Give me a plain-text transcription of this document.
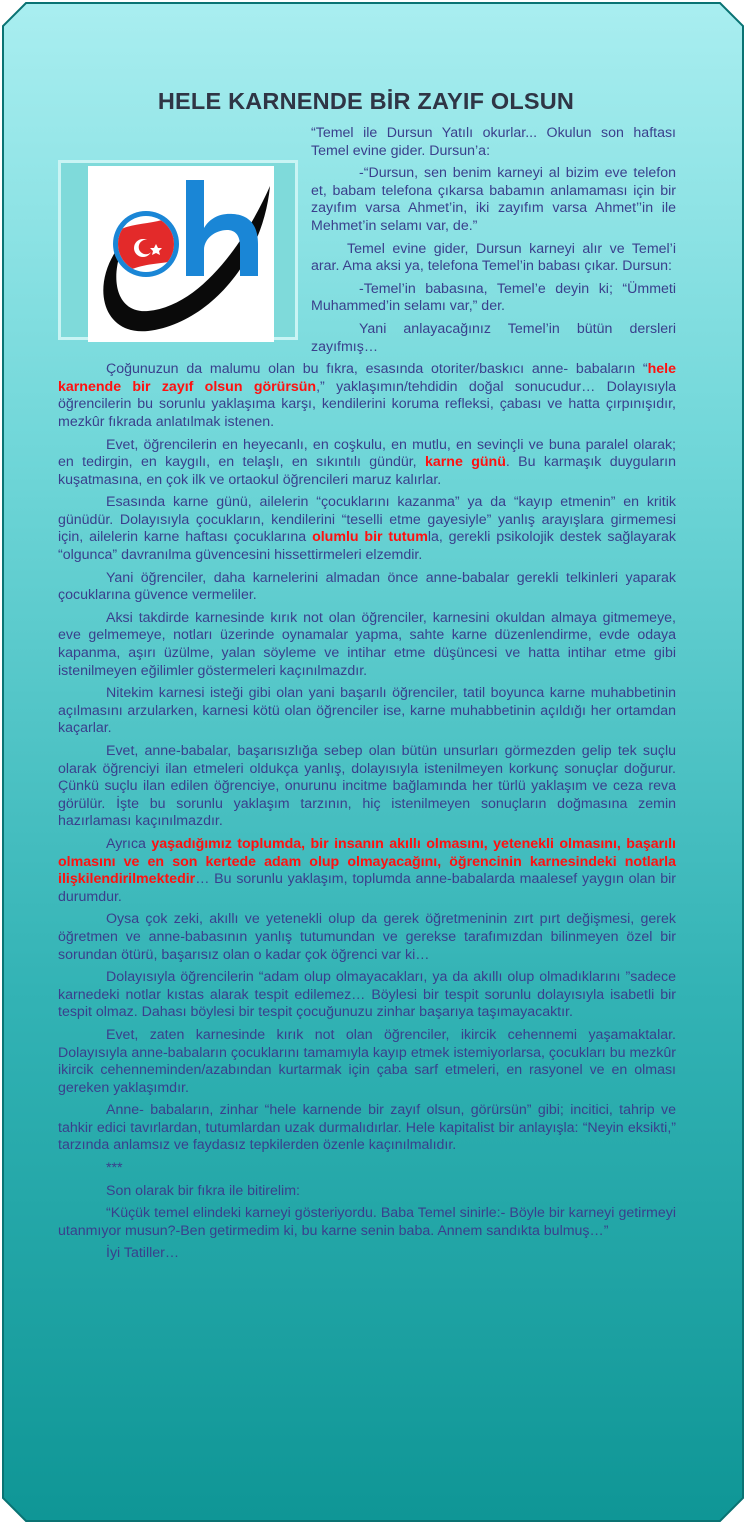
HELE KARNENDE BİR ZAYIF OLSUN

“Temel ile Dursun Yatılı okurlar... Okulun son haftası Temel evine gider. Dursun’a:

-“Dursun, sen benim karneyi al bizim eve telefon et, babam telefona çıkarsa babamın anlamaması için bir zayıfım varsa Ahmet’in, iki zayıfım varsa Ahmet’’in ile Mehmet’in selamı var, de.”

Temel evine gider, Dursun karneyi alır ve Temel’i arar. Ama aksi ya, telefona Temel’in babası çıkar. Dursun:

-Temel’in babasına, Temel’e deyin ki; “Ümmeti Muhammed’in selamı var,” der.

Yani anlayacağınız Temel’in bütün dersleri zayıfmış…

Çoğunuzun da malumu olan bu fıkra, esasında otoriter/baskıcı anne- babaların “hele karnende bir zayıf olsun görürsün,” yaklaşımın/tehdidin doğal sonucudur… Dolayısıyla öğrencilerin bu sorunlu yaklaşıma karşı, kendilerini koruma refleksi, çabası ve hatta çırpınışıdır, mezkûr fıkrada anlatılmak istenen.

Evet, öğrencilerin en heyecanlı, en coşkulu, en mutlu, en sevinçli ve buna paralel olarak; en tedirgin, en kaygılı, en telaşlı, en sıkıntılı gündür, karne günü. Bu karmaşık duyguların kuşatmasına, en çok ilk ve ortaokul öğrencileri maruz kalırlar.

Esasında karne günü, ailelerin “çocuklarını kazanma” ya da “kayıp etmenin” en kritik günüdür. Dolayısıyla çocukların, kendilerini “teselli etme gayesiyle” yanlış arayışlara girmemesi için, ailelerin karne haftası çocuklarına olumlu bir tutumla, gerekli psikolojik destek sağlayarak “olgunca” davranılma güvencesini hissettirmeleri elzemdir.

Yani öğrenciler, daha karnelerini almadan önce anne-babalar gerekli telkinleri yaparak çocuklarına güvence vermeliler.

Aksi takdirde karnesinde kırık not olan öğrenciler, karnesini okuldan almaya gitmemeye, eve gelmemeye, notları üzerinde oynamalar yapma, sahte karne düzenlendirme, evde odaya kapanma, aşırı üzülme, yalan söyleme ve intihar etme düşüncesi ve hatta intihar etme gibi istenilmeyen eğilimler göstermeleri kaçınılmazdır.

Nitekim karnesi isteği gibi olan yani başarılı öğrenciler, tatil boyunca karne muhabbetinin açılmasını arzularken, karnesi kötü olan öğrenciler ise, karne muhabbetinin açıldığı her ortamdan kaçarlar.

Evet, anne-babalar, başarısızlığa sebep olan bütün unsurları görmezden gelip tek suçlu olarak öğrenciyi ilan etmeleri oldukça yanlış, dolayısıyla istenilmeyen korkunç sonuçlar doğurur. Çünkü suçlu ilan edilen öğrenciye, onurunu incitme bağlamında her türlü yaklaşım ve ceza reva görülür. İşte bu sorunlu yaklaşım tarzının, hiç istenilmeyen sonuçların doğmasına zemin hazırlaması kaçınılmazdır.

Ayrıca yaşadığımız toplumda, bir insanın akıllı olmasını, yetenekli olmasını, başarılı olmasını ve en son kertede adam olup olmayacağını, öğrencinin karnesindeki notlarla ilişkilendirilmektedir… Bu sorunlu yaklaşım, toplumda anne-babalarda maalesef yaygın olan bir durumdur.

Oysa çok zeki, akıllı ve yetenekli olup da gerek öğretmeninin zırt pırt değişmesi, gerek öğretmen ve anne-babasının yanlış tutumundan ve gerekse tarafımızdan bilinmeyen özel bir sorundan ötürü, başarısız olan o kadar çok öğrenci var ki…

Dolayısıyla öğrencilerin “adam olup olmayacakları, ya da akıllı olup olmadıklarını ”sadece karnedeki notlar kıstas alarak tespit edilemez… Böylesi bir tespit sorunlu dolayısıyla isabetli bir tespit olmaz. Dahası böylesi bir tespit çocuğunuzu zinhar başarıya taşımayacaktır.

Evet, zaten karnesinde kırık not olan öğrenciler, ikircik cehennemi yaşamaktalar. Dolayısıyla anne-babaların çocuklarını tamamıyla kayıp etmek istemiyorlarsa, çocukları bu mezkûr ikircik cehenneminden/azabından kurtarmak için çaba sarf etmeleri, en rasyonel ve en olması gereken yaklaşımdır.

Anne- babaların, zinhar “hele karnende bir zayıf olsun, görürsün” gibi; incitici, tahrip ve tahkir edici tavırlardan, tutumlardan uzak durmalıdırlar. Hele kapitalist bir anlayışla: “Neyin eksikti,” tarzında anlamsız ve faydasız tepkilerden özenle kaçınılmalıdır.

***

Son olarak bir fıkra ile bitirelim:

“Küçük temel elindeki karneyi gösteriyordu. Baba Temel sinirle:- Böyle bir karneyi getirmeyi utanmıyor musun?-Ben getirmedim ki, bu karne senin baba. Annem sandıkta bulmuş…”

İyi Tatiller…
